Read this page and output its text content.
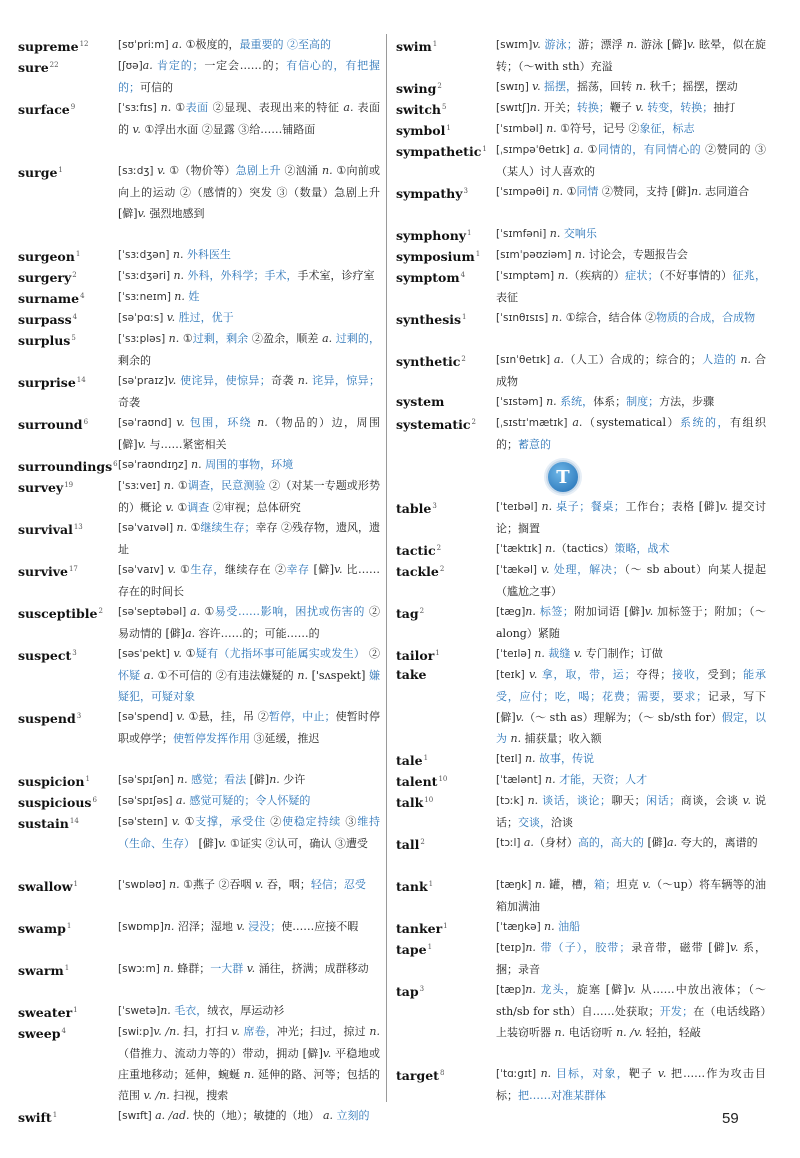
supreme$^{12}$	[sʊˈpriːm] a. ①极度的，最重要的 ②至高的
sure$^{22}$	[ʃʊə]a. 肯定的；一定会……的；有信心的，有把握的；可信的
surface$^9$	[ˈsɜːfɪs] n. ①表面 ②显现、表现出来的特征 a. 表面的 v. ①浮出水面 ②显露 ③给……铺路面
surge$^1$	[sɜːdʒ] v. ①（物价等）急剧上升 ②汹涌 n. ①向前或向上的运动 ②（感情的）突发 ③（数量）急剧上升 [僻]v. 强烈地感到
surgeon$^1$	[ˈsɜːdʒən] n. 外科医生
surgery$^2$	[ˈsɜːdʒəri] n. 外科，外科学；手术，手术室，诊疗室
surname$^4$	[ˈsɜːneɪm] n. 姓
surpass$^4$	[səˈpɑːs] v. 胜过，优于
surplus$^5$	[ˈsɜːpləs] n. ①过剩，剩余 ②盈余，顺差 a. 过剩的，剩余的
surprise$^{14}$	[səˈpraɪz]v. 使诧异，使惊异；奇袭 n. 诧异，惊异；奇袭
surround$^6$	[səˈraʊnd] v. 包围，环绕 n.（物品的）边，周围 [僻]v. 与……紧密相关
surroundings$^6$ [səˈraʊndɪŋz] n. 周围的事物，环境
survey$^{19}$	[ˈsɜːveɪ] n. ①调查，民意测验 ②（对某一专题或形势的）概论 v. ①调查 ②审视；总体研究
survival$^{13}$	[səˈvaɪvəl] n. ①继续生存；幸存 ②残存物，遗风，遗址
survive$^{17}$	[səˈvaɪv] v. ①生存，继续存在 ②幸存 [僻]v. 比……存在的时间长
susceptible$^2$	[səˈseptəbəl] a. ①易受……影响，困扰或伤害的 ②易动情的 [僻]a. 容许……的；可能……的
suspect$^3$	[səsˈpekt] v. ①疑有（尤指坏事可能属实或发生） ②怀疑 a. ①不可信的 ②有违法嫌疑的 n. ['sʌspekt] 嫌疑犯，可疑对象
suspend$^3$	[səˈspend] v. ①悬，挂，吊 ②暂停，中止；使暂时停职或停学；使暂停发挥作用 ③延缓，推迟
suspicion$^1$	[səˈspɪʃən] n. 感觉；看法 [僻]n. 少许
suspicious$^6$	[səˈspɪʃəs] a. 感觉可疑的；令人怀疑的
sustain$^{14}$	[səˈsteɪn] v. ①支撑，承受住 ②使稳定持续 ③维持（生命、生存） [僻]v. ①证实 ②认可，确认 ③遭受
swallow$^1$	[ˈswɒləʊ] n. ①燕子 ②吞咽 v. 吞，咽；轻信；忍受
swamp$^1$	[swɒmp]n. 沼泽；湿地 v. 浸没；使……应接不暇
swarm$^1$	[swɔːm] n. 蜂群；一大群 v. 涌往，挤满；成群移动
sweater$^1$	[ˈswetə]n. 毛衣，绒衣，厚运动衫
sweep$^4$	[swiːp]v. /n. 扫，打扫 v. 席卷，冲光；扫过，掠过 n.（借推力、流动力等的）带动，拥动 [僻]v. 平稳地或庄重地移动；延伸，蜿蜒 n. 延伸的路、河等；包括的范围 v. /n. 扫视，搜索
swift$^1$	[swɪft] a. /ad. 快的（地）；敏捷的（地） a. 立刻的
swim$^1$	[swɪm]v. 游泳；游；漂浮 n. 游泳 [僻]v. 眩晕，似在旋转；（～with sth）充溢
swing$^2$	[swɪŋ] v. 摇摆，摇荡，回转 n. 秋千；摇摆，摆动
switch$^5$	[swɪtʃ]n. 开关；转换；鞭子 v. 转变，转换；抽打
symbol$^1$	[ˈsɪmbəl] n. ①符号，记号 ②象征，标志
sympathetic$^1$ [ˌsɪmpəˈθetɪk] a. ①同情的，有同情心的 ②赞同的 ③（某人）讨人喜欢的
sympathy$^3$	[ˈsɪmpəθi] n. ①同情 ②赞同，支持 [僻]n. 志同道合
symphony$^1$	[ˈsɪmfəni] n. 交响乐
symposium$^1$	[sɪmˈpəʊziəm] n. 讨论会，专题报告会
symptom$^4$	[ˈsɪmptəm] n.（疾病的）症状；（不好事情的）征兆，表征
synthesis$^1$	[ˈsɪnθɪsɪs] n. ①综合，结合体 ②物质的合成，合成物
synthetic$^2$	[sɪnˈθetɪk] a.（人工）合成的；综合的；人造的 n. 合成物
system	[ˈsɪstəm] n. 系统，体系；制度；方法，步骤
systematic$^2$	[ˌsɪstɪˈmætɪk] a.（systematical）系统的，有组织的；蓄意的
table$^3$	[ˈteɪbəl] n. 桌子；餐桌；工作台；表格 [僻]v. 提交讨论；搁置
tactic$^2$	[ˈtæktɪk] n.（tactics）策略，战术
tackle$^2$	[ˈtækəl] v. 处理，解决；（～ sb about）向某人提起（尴尬之事）
tag$^2$	[tæg]n. 标签；附加词语 [僻]v. 加标签于；附加；（～along）紧随
tailor$^1$	[ˈteɪlə] n. 裁缝 v. 专门制作；订做
take	[teɪk] v. 拿，取，带，运；夺得；接收，受到；能承受，应付；吃，喝；花费；需要，要求；记录，写下 [僻]v.（～ sth as）理解为；（～ sb/sth for）假定，以为 n. 捕获量；收入额
tale$^1$	[teɪl] n. 故事，传说
talent$^{10}$	[ˈtælənt] n. 才能，天资；人才
talk$^{10}$	[tɔːk] n. 谈话，谈论；聊天；闲话；商谈，会谈 v. 说话；交谈，洽谈
tall$^2$	[tɔːl] a.（身材）高的，高大的 [僻]a. 夸大的，离谱的
tank$^1$	[tæŋk] n. 罐，槽，箱；坦克 v.（～up）将车辆等的油箱加满油
tanker$^1$	[ˈtæŋkə] n. 油船
tape$^1$	[teɪp]n. 带（子），胶带；录音带，磁带 [僻]v. 系，捆；录音
tap$^3$	[tæp]n. 龙头，旋塞 [僻]v. 从……中放出液体；（～ sth/sb for sth）自……处获取；开发；在（电话线路）上装窃听器 n. 电话窃听 n. /v. 轻拍，轻敲
target$^8$	[ˈtɑːgɪt] n. 目标，对象，靶子 v. 把……作为攻击目标；把……对准某群体
T
59
